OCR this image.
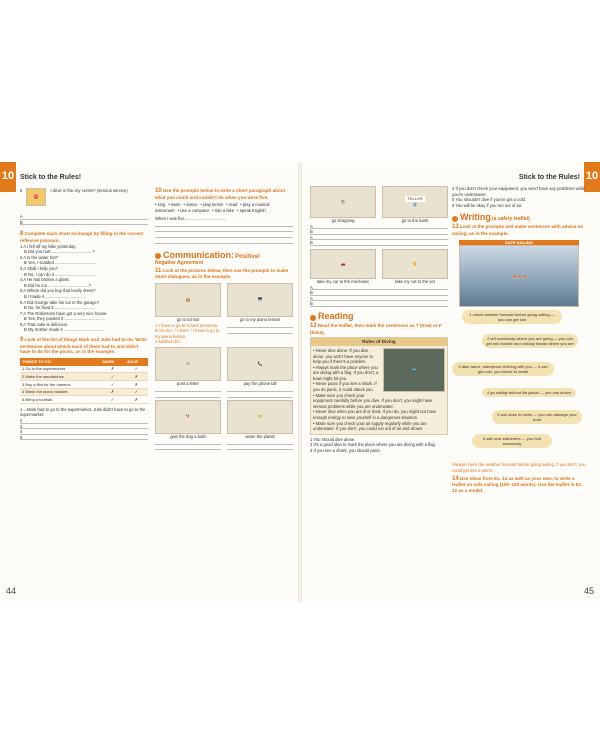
10 Stick to the Rules!
5
⛔
I drive in the city centre? (serious service)
A
B
8 Complete each short exchange by filling in the correct reflexive pronoun.
1 A I fell off my bike yesterday.
B Did you hurt ...................................?
2 A Is the water hot?
B Yes, I scalded ...................................
3 A Shall I help you?
B No, I can do it ...................................
4 A He has broken a glass.
B Did he cut ...................................?
5 A Where did you buy that lovely dress?
B I made it ...................................
6 A Did George take his car to the garage?
B No, he fixed it ...................................
7 A The Robinsons have got a very nice house.
B Yes, they painted it ...................................
8 A That cake is delicious.
B My mother made it ...................................
9 Look at the list of things Mark and Julie had to do. Write sentences about which each of them had to and didn't have to do for the picnic, as in the example.
THINGS TO DO	MARK	JULIE
1 Go to the supermarket.	✗	✓
2 Make the sandwiches.	✓	✗
3 Buy a film for the camera.	✓	✗
4 Wash the picnic blanket.	✗	✓
5 Bring a football.	✓	✗
1 ...Mark had to go to the supermarket. Julie didn't have to go to the supermarket.
2
3
4
5
10 Use the prompts below to write a short paragraph about what you could and couldn't do when you were five.
• sing • swim • dance • play tennis • read • play a musical instrument • use a computer • ride a bike • speak English
When I was five ...................................
Communication: Positive/
Negative Agreement
11 Look at the pictures below, then use the prompts to make short dialogues, as in the example.
🏫
go to school
A I have to go to school tomorrow.
B So do I. / I don't. / I have to go to my piano lesson.
A Neither do I.
🎹
go to my piano lesson
✉
post a letter
📞
pay the phone bill
🐕
give the dog a bath
🌱
water the plants
44
10
Stick to the Rules!
🛍
go shopping
TELLER
🏦
go to the bank
A
B
A
B
🚗
take my car to the mechanic
🐈
take my cat to the vet
A
B
A
B
Reading
12 Read the leaflet, then mark the sentences as T (true) or F (false).
Rules of Diving
🤿
• Never dive alone. If you dive alone, you won't have anyone to help you if there's a problem.
• Always mark the place where you are diving with a flag. If you don't, a boat might hit you.
• Never panic if you see a shark. If you do panic, it could attack you.
• Make sure you check your equipment carefully before you dive. If you don't, you might have serious problems while you are underwater.
• Never dive when you are ill or tired. If you do, you might not have enough energy to save yourself in a dangerous situation.
• Make sure you check your air supply regularly while you are underwater. If you don't, you could run out of air and drown.
1 You should dive alone.
2 It's a good idea to mark the place where you are diving with a flag.
3 If you see a shark, you should panic.
4 If you don't check your equipment, you won't have any problems while you're underwater.
5 You shouldn't dive if you've got a cold.
6 You will be okay if you run out of air.
Writing (a safety leaflet)
13 Look at the prompts and make sentences with advice on sailing, as in the example.
SAFE SAILING
⛵⛵⛵
1 check weather forecast before going sailing — you can get lost
2 tell somebody where you are going — you can get into trouble and nobody knows where you are
3 take warm, waterproof clothing with you — it can get cold, you freeze to death
4 go sailing without life jacket — you can drown
5 sail close to rocks — you can damage your boat
6 sail near swimmers — you hurt somebody
Always check the weather forecast before going sailing. If you don't, you could get into a storm.
14 Use ideas from Ex. 13 as well as your own, to write a leaflet on safe sailing (100–120 words). Use the leaflet in Ex. 12 as a model.
45
